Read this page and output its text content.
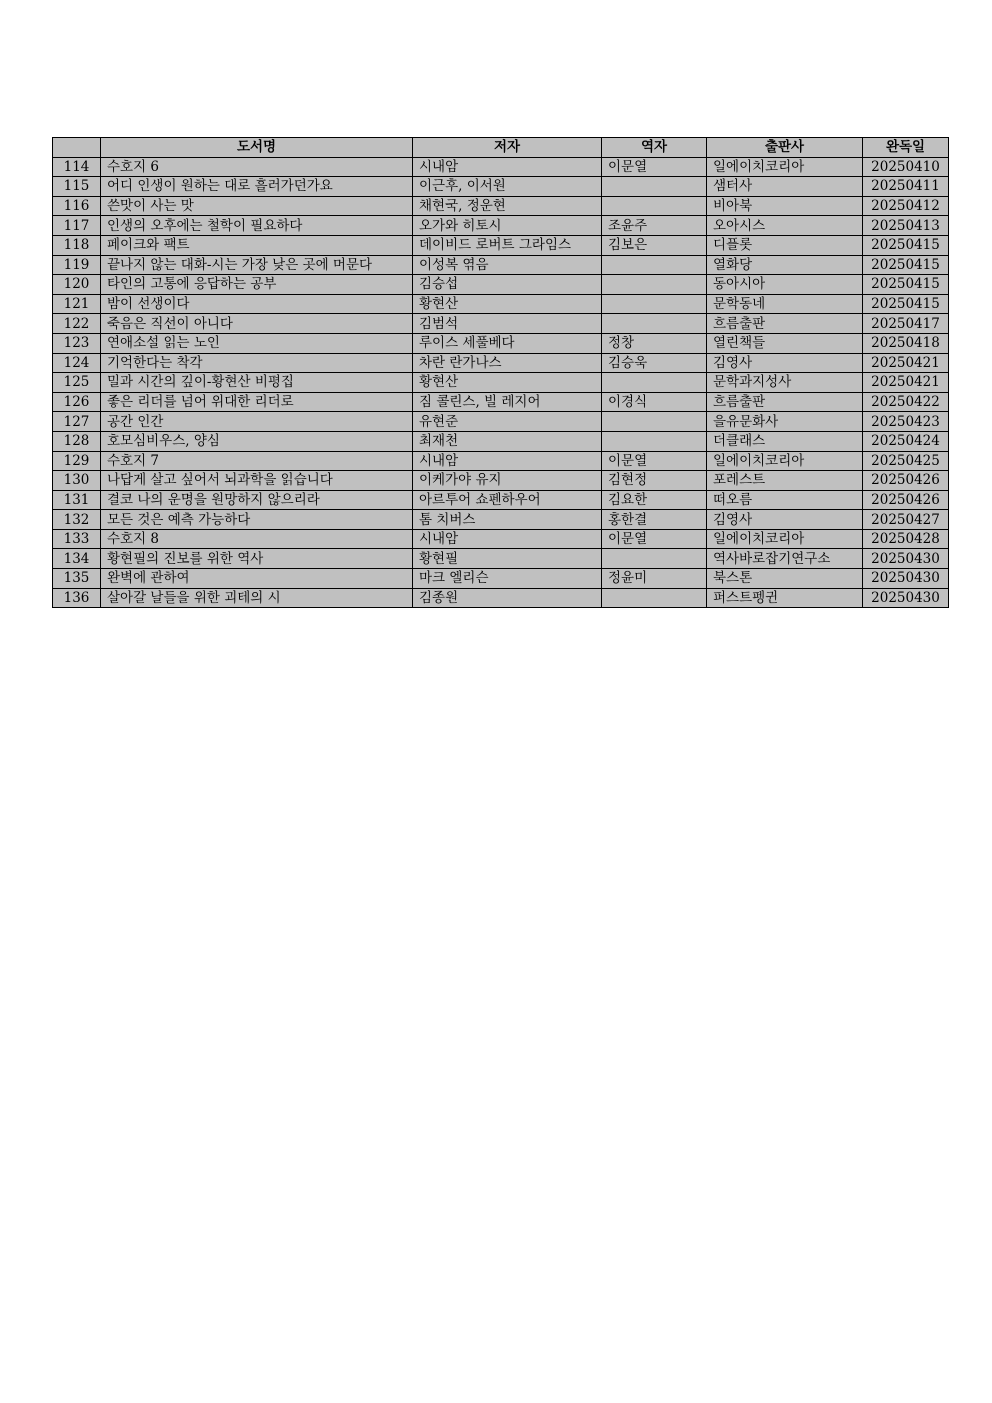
	도서명	저자	역자	출판사	완독일
114	수호지 6	시내암	이문열	일에이치코리아	20250410
115	어디 인생이 원하는 대로 흘러가던가요	이근후, 이서원		샘터사	20250411
116	쓴맛이 사는 맛	채현국, 정운현		비아북	20250412
117	인생의 오후에는 철학이 필요하다	오가와 히토시	조윤주	오아시스	20250413
118	페이크와 팩트	데이비드 로버트 그라임스	김보은	디플롯	20250415
119	끝나지 않는 대화-시는 가장 낮은 곳에 머문다	이성복 엮음		열화당	20250415
120	타인의 고통에 응답하는 공부	김승섭		동아시아	20250415
121	밤이 선생이다	황현산		문학동네	20250415
122	죽음은 직선이 아니다	김범석		흐름출판	20250417
123	연애소설 읽는 노인	루이스 세풀베다	정창	열린책들	20250418
124	기억한다는 착각	차란 란가나스	김승욱	김영사	20250421
125	밀과 시간의 깊이-황현산 비평집	황현산		문학과지성사	20250421
126	좋은 리더를 넘어 위대한 리더로	짐 콜린스, 빌 레지어	이경식	흐름출판	20250422
127	공간 인간	유현준		을유문화사	20250423
128	호모심비우스, 양심	최재천		더클래스	20250424
129	수호지 7	시내암	이문열	일에이치코리아	20250425
130	나답게 살고 싶어서 뇌과학을 읽습니다	이케가야 유지	김현정	포레스트	20250426
131	결코 나의 운명을 원망하지 않으리라	아르투어 쇼펜하우어	김요한	떠오름	20250426
132	모든 것은 예측 가능하다	톰 치버스	홍한결	김영사	20250427
133	수호지 8	시내암	이문열	일에이치코리아	20250428
134	황현필의 진보를 위한 역사	황현필		역사바로잡기연구소	20250430
135	완벽에 관하여	마크 엘리슨	정윤미	북스톤	20250430
136	살아갈 날들을 위한 괴테의 시	김종원		퍼스트펭귄	20250430
